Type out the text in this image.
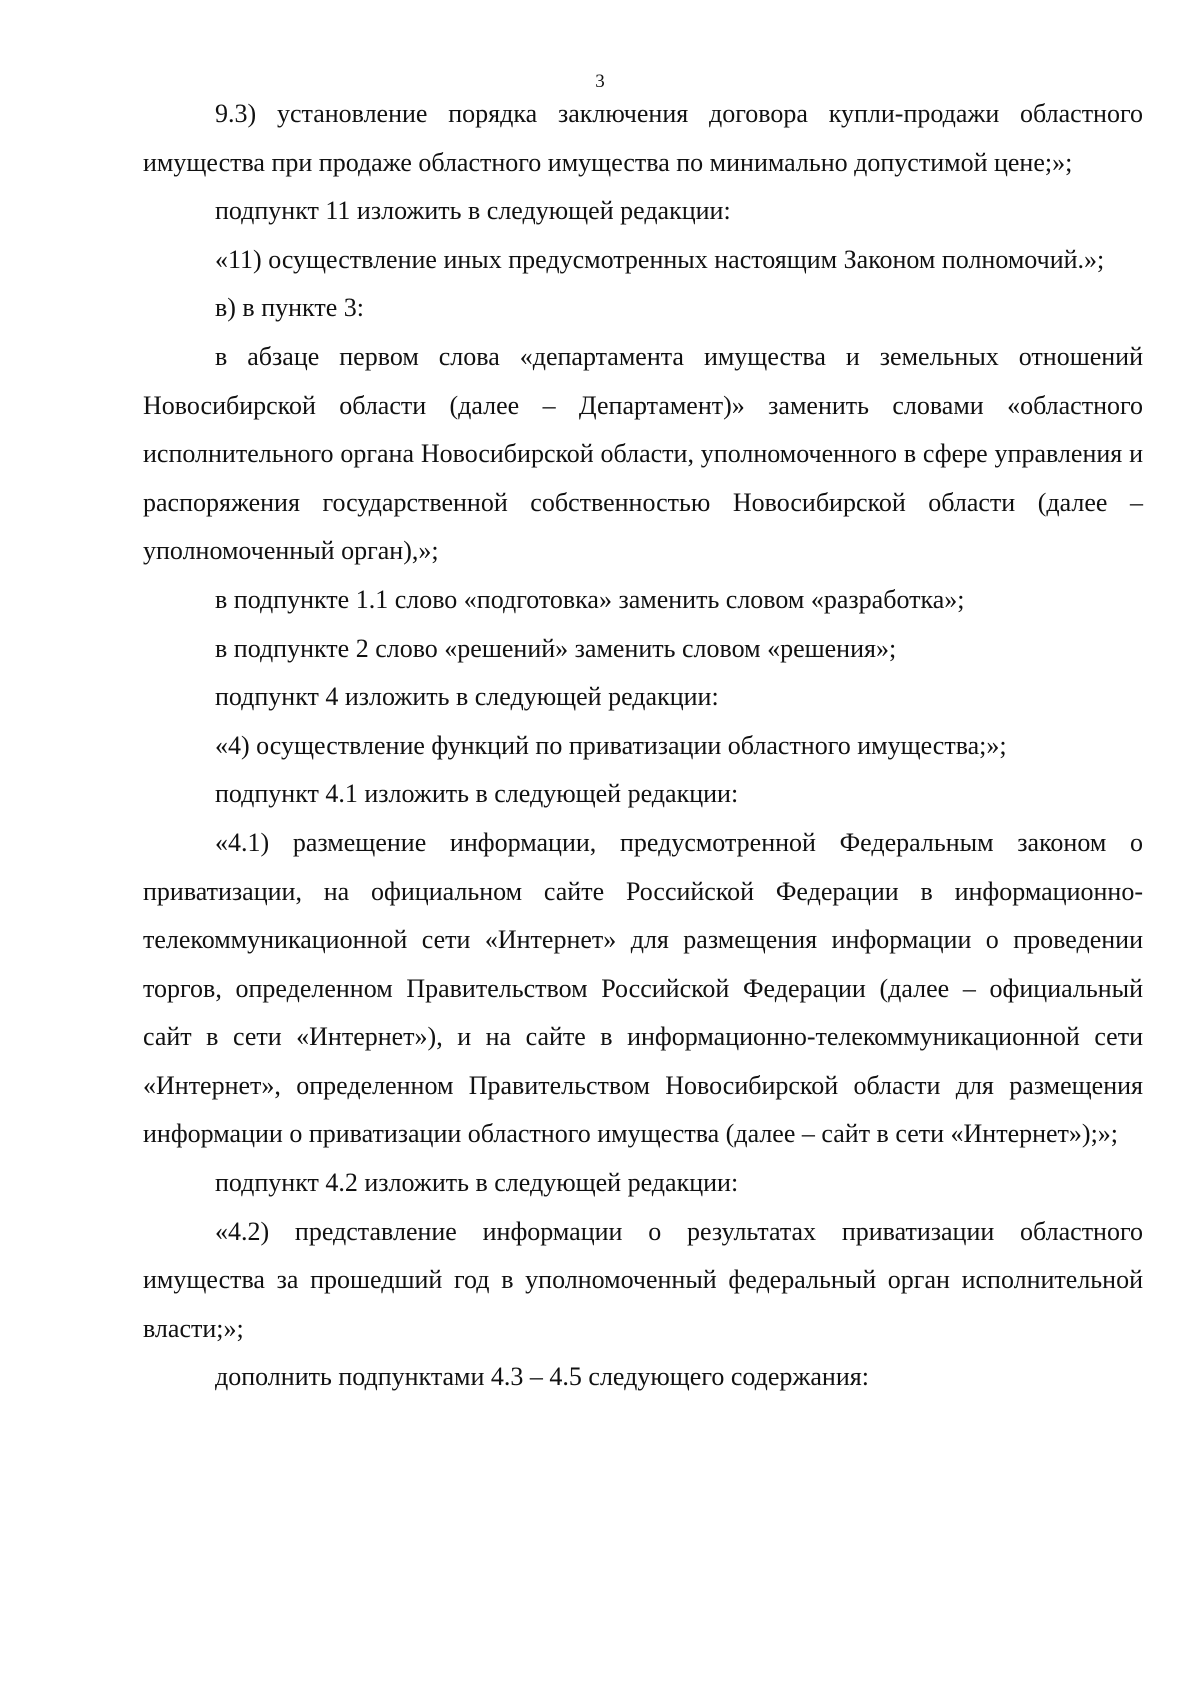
3

9.3) установление порядка заключения договора купли-продажи областного имущества при продаже областного имущества по минимально допустимой цене;»;

подпункт 11 изложить в следующей редакции:

«11) осуществление иных предусмотренных настоящим Законом полномочий.»;

в) в пункте 3:

в абзаце первом слова «департамента имущества и земельных отношений Новосибирской области (далее – Департамент)» заменить словами «областного исполнительного органа Новосибирской области, уполномоченного в сфере управления и распоряжения государственной собственностью Новосибирской области (далее – уполномоченный орган),»;

в подпункте 1.1 слово «подготовка» заменить словом «разработка»;

в подпункте 2 слово «решений» заменить словом «решения»;

подпункт 4 изложить в следующей редакции:

«4) осуществление функций по приватизации областного имущества;»;

подпункт 4.1 изложить в следующей редакции:

«4.1) размещение информации, предусмотренной Федеральным законом о приватизации, на официальном сайте Российской Федерации в информационно-телекоммуникационной сети «Интернет» для размещения информации о проведении торгов, определенном Правительством Российской Федерации (далее – официальный сайт в сети «Интернет»), и на сайте в информационно-телекоммуникационной сети «Интернет», определенном Правительством Новосибирской области для размещения информации о приватизации областного имущества (далее – сайт в сети «Интернет»);»;

подпункт 4.2 изложить в следующей редакции:

«4.2) представление информации о результатах приватизации областного имущества за прошедший год в уполномоченный федеральный орган исполнительной власти;»;

дополнить подпунктами 4.3 – 4.5 следующего содержания:
